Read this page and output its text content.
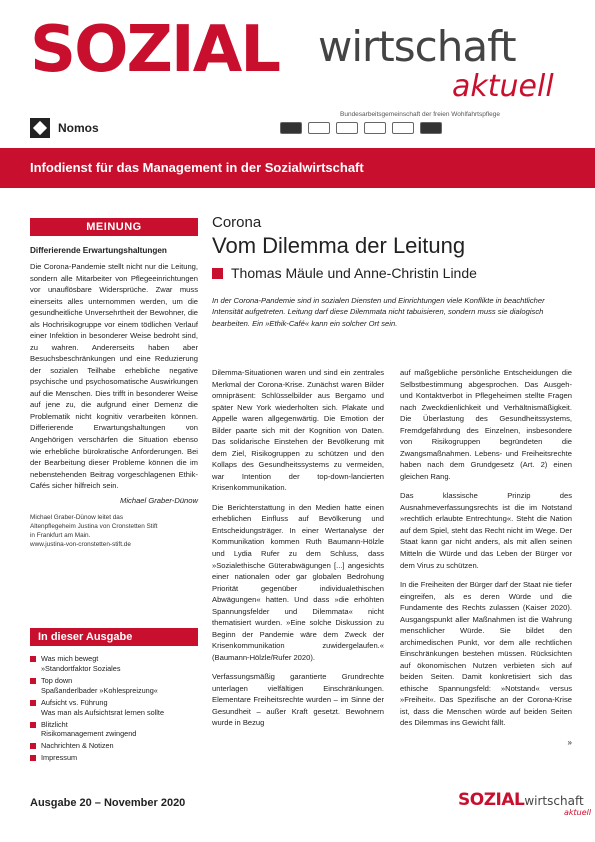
SOZIAL wirtschaft
aktuell
Nomos
Bundesarbeitsgemeinschaft der freien Wohlfahrtspflege
Infodienst für das Management in der Sozialwirtschaft
MEINUNG
Differierende Erwartungshaltungen
Die Corona-Pandemie stellt nicht nur die Leitung, sondern alle Mitarbeiter von Pflegeeinrichtungen vor unauflösbare Widersprüche. Zwar muss einerseits alles unternommen werden, um die gesundheitliche Unversehrtheit der Bewohner, die als Hochrisikogruppe vor einem tödlichen Verlauf einer Infektion in besonderer Weise bedroht sind, zu wahren. Andererseits haben aber Besuchsbeschränkungen und eine Reduzierung der sozialen Teilhabe erhebliche negative psychische und psychosomatische Auswirkungen auf die Menschen. Dies trifft in besonderer Weise auf jene zu, die aufgrund einer Demenz die Problematik nicht kognitiv verarbeiten können. Differierende Erwartungshaltungen von Angehörigen verschärfen die Situation ebenso wie erhebliche bürokratische Anforderungen. Bei der Bearbeitung dieser Probleme können die im nebenstehenden Beitrag vorgeschlagenen Ethik-Cafés sicher hilfreich sein.
Michael Graber-Dünow
Michael Graber-Dünow leitet das
Altenpflegeheim Justina von Cronstetten Stift
in Frankfurt am Main.
www.justina-von-cronstetten-stift.de
In dieser Ausgabe
Was mich bewegt
»Standortfaktor Soziales
Top down
Spaßanderlbader »Kohlespreizung«
Aufsicht vs. Führung
Was man als Aufsichtsrat lernen sollte
Blitzlicht
Risikomanagement zwingend
Nachrichten & Notizen
Impressum
Ausgabe 20 – November 2020
Corona
Vom Dilemma der Leitung
Thomas Mäule und Anne-Christin Linde
In der Corona-Pandemie sind in sozialen Diensten und Einrichtungen viele Konflikte in beachtlicher Intensität aufgetreten. Leitung darf diese Dilemmata nicht tabuisieren, sondern muss sie dialogisch bearbeiten. Ein »Ethik-Café« kann ein solcher Ort sein.

Dilemma-Situationen waren und sind ein zentrales Merkmal der Corona-Krise. Zunächst waren Bilder omnipräsent: Schlüsselbilder aus Bergamo und später New York wiederholten sich. Plakate und Appelle waren allgegenwärtig. Die Emotion der Bilder paarte sich mit der Kognition von Daten. Das solidarische Einstehen der Bevölkerung mit dem Ziel, Risikogruppen zu schützen und den Kollaps des Gesundheitssystems zu vermeiden, war Intention der top-down-lancierten Krisenkommunikation.

Die Berichterstattung in den Medien hatte einen erheblichen Einfluss auf Bevölkerung und Entscheidungsträger. In einer Wertanalyse der Kommunikation kommen Ruth Baumann-Hölzle und Lydia Rufer zu dem Schluss, dass »Sozialethische Güterabwägungen [...] angesichts einer nationalen oder gar globalen Bedrohung Priorität gegenüber individualethischen Abwägungen« hatten. Und dass »die erhöhten Spannungsfelder und Dilemmata« nicht thematisiert wurden. »Eine solche Diskussion zu Beginn der Pandemie wäre dem Zweck der Krisenkommunikation zuwidergelaufen.« (Baumann-Hölzle/Rufer 2020).

Verfassungsmäßig garantierte Grundrechte unterlagen vielfältigen Einschränkungen. Elementare Freiheitsrechte wurden – im Sinne der Gesundheit – außer Kraft gesetzt. Bewohnern wurde in Bezug

auf maßgebliche persönliche Entscheidungen die Selbstbestimmung abgesprochen. Das Ausgeh- und Kontaktverbot in Pflegeheimen stellte Fragen nach Zweckdienlichkeit und Verhältnismäßigkeit. Die Überlastung des Gesundheitssystems, Fremdgefährdung des Einzelnen, insbesondere von Risikogruppen begründeten die Zwangsmaßnahmen. Lebens- und Freiheitsrechte haben nach dem Grundgesetz (Art. 2) einen gleichen Rang.

Das klassische Prinzip des Ausnahmeverfassungsrechts ist die im Notstand »rechtlich erlaubte Entrechtung«. Steht die Nation auf dem Spiel, steht das Recht nicht im Wege. Der Staat kann gar nicht anders, als mit allen seinen Mitteln die Würde und das Leben der Bürger vor dem Virus zu schützen.

In die Freiheiten der Bürger darf der Staat nie tiefer eingreifen, als es deren Würde und die Fundamente des Rechts zulassen (Kaiser 2020). Ausgangspunkt aller Maßnahmen ist die Wahrung menschlicher Würde. Sie bildet den archimedischen Punkt, vor dem alle rechtlichen Einschränkungen bestehen müssen. Rücksichten auf ökonomischen Nutzen verbieten sich auf beiden Seiten. Damit konkretisiert sich das ethische Spannungsfeld: »Notstand« versus »Freiheit«. Das Spezifische an der Corona-Krise ist, dass die Menschen würde auf beiden Seiten des Dilemmas ins Gewicht fällt.

»
SOZIAL wirtschaft
aktuell
